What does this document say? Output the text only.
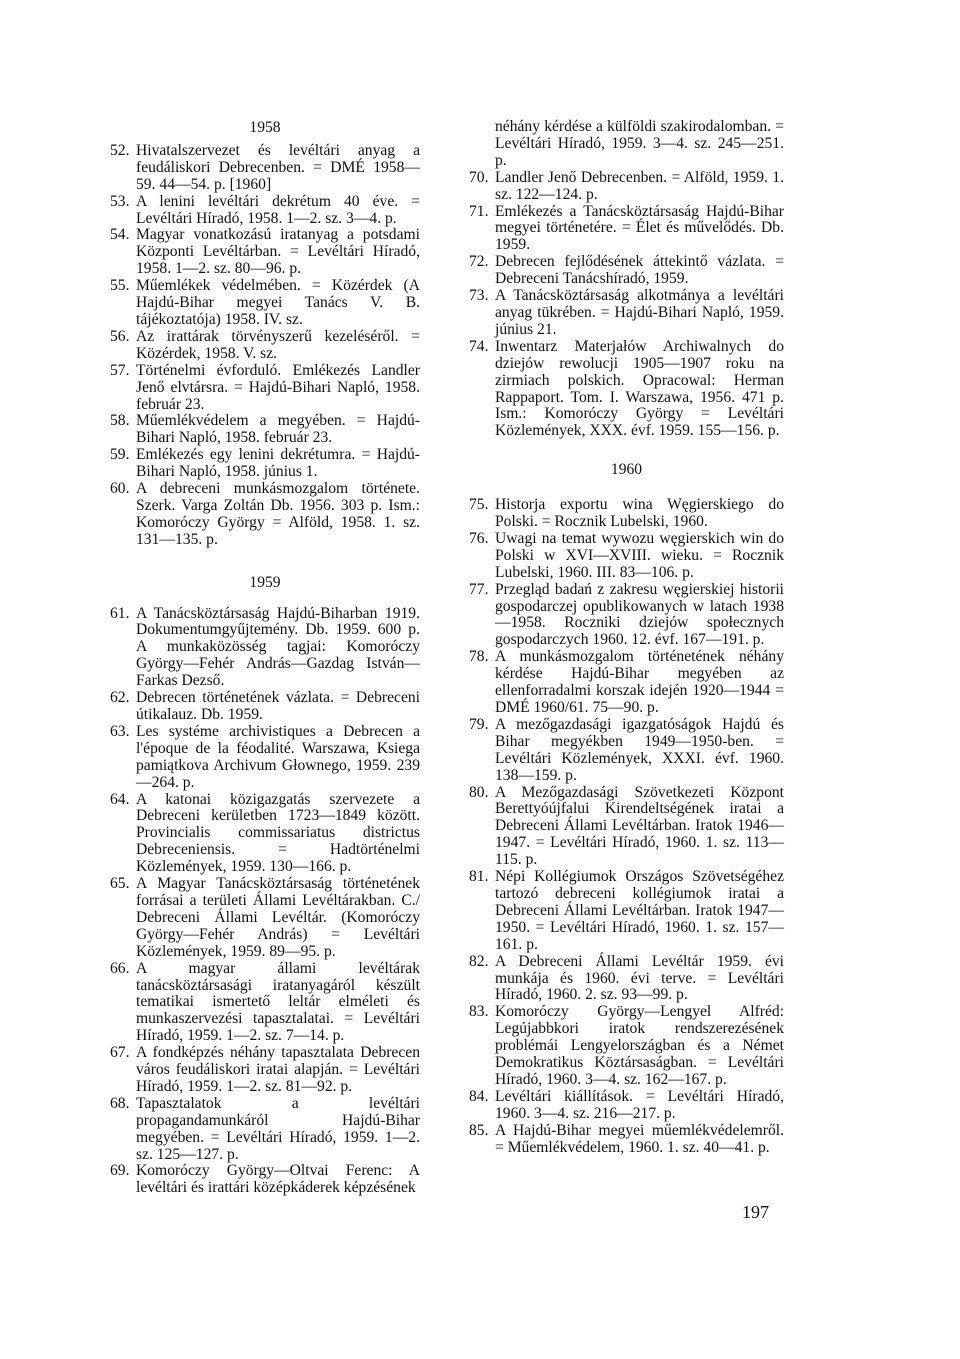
1958
52. Hivatalszervezet és levéltári anyag a feudáliskori Debrecenben. = DMÉ 1958—59. 44—54. p. [1960]
53. A lenini levéltári dekrétum 40 éve. = Levéltári Híradó, 1958. 1—2. sz. 3—4. p.
54. Magyar vonatkozású iratanyag a potsdami Központi Levéltárban. = Levéltári Híradó, 1958. 1—2. sz. 80—96. p.
55. Műemlékek védelmében. = Közérdek (A Hajdú-Bihar megyei Tanács V. B. tájékoztatója) 1958. IV. sz.
56. Az irattárak törvényszerű kezeléséről. = Közérdek, 1958. V. sz.
57. Történelmi évforduló. Emlékezés Landler Jenő elvtársra. = Hajdú-Bihari Napló, 1958. február 23.
58. Műemlékvédelem a megyében. = Hajdú-Bihari Napló, 1958. február 23.
59. Emlékezés egy lenini dekrétumra. = Hajdú-Bihari Napló, 1958. június 1.
60. A debreceni munkásmozgalom története. Szerk. Varga Zoltán Db. 1956. 303 p. Ism.: Komoróczy György = Alföld, 1958. 1. sz. 131—135. p.
1959
61. A Tanácsköztársaság Hajdú-Biharban 1919. Dokumentumgyűjtemény. Db. 1959. 600 p. A munkaközösség tagjai: Komoróczy György—Fehér András—Gazdag István—Farkas Dezső.
62. Debrecen történetének vázlata. = Debreceni útikalauz. Db. 1959.
63. Les systéme archivistiques a Debrecen a l'époque de la féodalité. Warszawa, Ksiega pamiątkova Archivum Głownego, 1959. 239—264. p.
64. A katonai közigazgatás szervezete a Debreceni kerületben 1723—1849 között. Provincialis commissariatus districtus Debreceniensis. = Hadtörténelmi Közlemények, 1959. 130—166. p.
65. A Magyar Tanácsköztársaság történetének forrásai a területi Állami Levéltárakban. C./ Debreceni Állami Levéltár. (Komoróczy György—Fehér András) = Levéltári Közlemények, 1959. 89—95. p.
66. A magyar állami levéltárak tanácsköztársasági iratanyagáról készült tematikai ismertető leltár elméleti és munkaszervezési tapasztalatai. = Levéltári Híradó, 1959. 1—2. sz. 7—14. p.
67. A fondképzés néhány tapasztalata Debrecen város feudáliskori iratai alapján. = Levéltári Híradó, 1959. 1—2. sz. 81—92. p.
68. Tapasztalatok a levéltári propagandamunkáról Hajdú-Bihar megyében. = Levéltári Híradó, 1959. 1—2. sz. 125—127. p.
69. Komoróczy György—Oltvai Ferenc: A levéltári és irattári középkáderek képzésének
néhány kérdése a külföldi szakirodalomban. = Levéltári Híradó, 1959. 3—4. sz. 245—251. p.
70. Landler Jenő Debrecenben. = Alföld, 1959. 1. sz. 122—124. p.
71. Emlékezés a Tanácsköztársaság Hajdú-Bihar megyei történetére. = Élet és művelődés. Db. 1959.
72. Debrecen fejlődésének áttekintő vázlata. = Debreceni Tanácshíradó, 1959.
73. A Tanácsköztársaság alkotmánya a levéltári anyag tükrében. = Hajdú-Bihari Napló, 1959. június 21.
74. Inwentarz Materjałów Archiwalnych do dziejów rewolucji 1905—1907 roku na zirmiach polskich. Opracowal: Herman Rappaport. Tom. I. Warszawa, 1956. 471 p. Ism.: Komoróczy György = Levéltári Közlemények, XXX. évf. 1959. 155—156. p.
1960
75. Historja exportu wina Węgierskiego do Polski. = Rocznik Lubelski, 1960.
76. Uwagi na temat wywozu węgierskich win do Polski w XVI—XVIII. wieku. = Rocznik Lubelski, 1960. III. 83—106. p.
77. Przegląd badań z zakresu węgierskiej historii gospodarczej opublikowanych w latach 1938—1958. Roczniki dziejów społecznych gospodarczych 1960. 12. évf. 167—191. p.
78. A munkásmozgalom történetének néhány kérdése Hajdú-Bihar megyében az ellenforradalmi korszak idején 1920—1944 = DMÉ 1960/61. 75—90. p.
79. A mezőgazdasági igazgatóságok Hajdú és Bihar megyékben 1949—1950-ben. = Levéltári Közlemények, XXXI. évf. 1960. 138—159. p.
80. A Mezőgazdasági Szövetkezeti Központ Berettyóújfalui Kirendeltségének iratai a Debreceni Állami Levéltárban. Iratok 1946—1947. = Levéltári Híradó, 1960. 1. sz. 113—115. p.
81. Népi Kollégiumok Országos Szövetségéhez tartozó debreceni kollégiumok iratai a Debreceni Állami Levéltárban. Iratok 1947—1950. = Levéltári Híradó, 1960. 1. sz. 157—161. p.
82. A Debreceni Állami Levéltár 1959. évi munkája és 1960. évi terve. = Levéltári Híradó, 1960. 2. sz. 93—99. p.
83. Komoróczy György—Lengyel Alfréd: Legújabbkori iratok rendszerezésének problémái Lengyelországban és a Német Demokratikus Köztársaságban. = Levéltári Híradó, 1960. 3—4. sz. 162—167. p.
84. Levéltári kiállítások. = Levéltári Híradó, 1960. 3—4. sz. 216—217. p.
85. A Hajdú-Bihar megyei műemlékvédelemről. = Műemlékvédelem, 1960. 1. sz. 40—41. p.
197
